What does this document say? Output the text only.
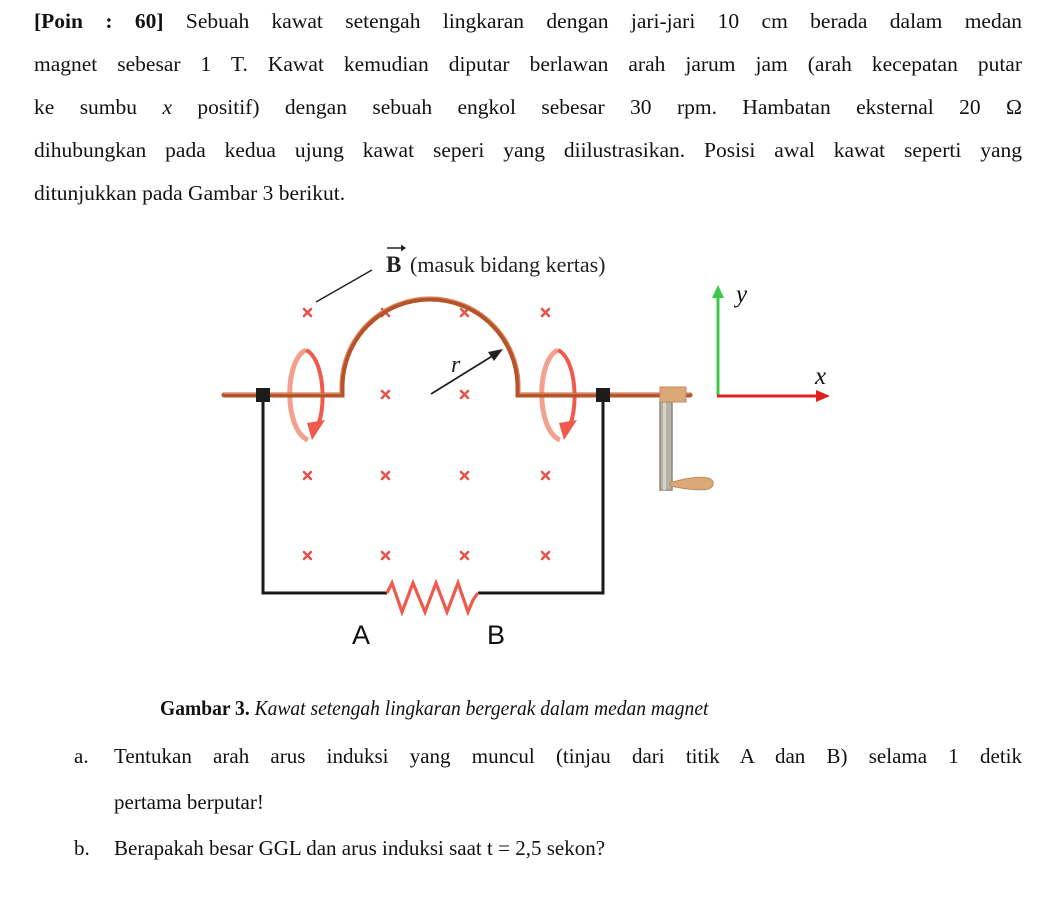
[Poin : 60] Sebuah kawat setengah lingkaran dengan jari-jari 10 cm berada dalam medan
magnet sebesar 1 T. Kawat kemudian diputar berlawan arah jarum jam (arah kecepatan putar
ke sumbu x positif) dengan sebuah engkol sebesar 30 rpm. Hambatan eksternal 20 Ω
dihubungkan pada kedua ujung kawat seperi yang diilustrasikan. Posisi awal kawat seperti yang
ditunjukkan pada Gambar 3 berikut.
B (masuk bidang kertas)
A	B
r
y
x
Gambar 3. Kawat setengah lingkaran bergerak dalam medan magnet
a. Tentukan arah arus induksi yang muncul (tinjau dari titik A dan B) selama 1 detik
pertama berputar!
b. Berapakah besar GGL dan arus induksi saat t = 2,5 sekon?
